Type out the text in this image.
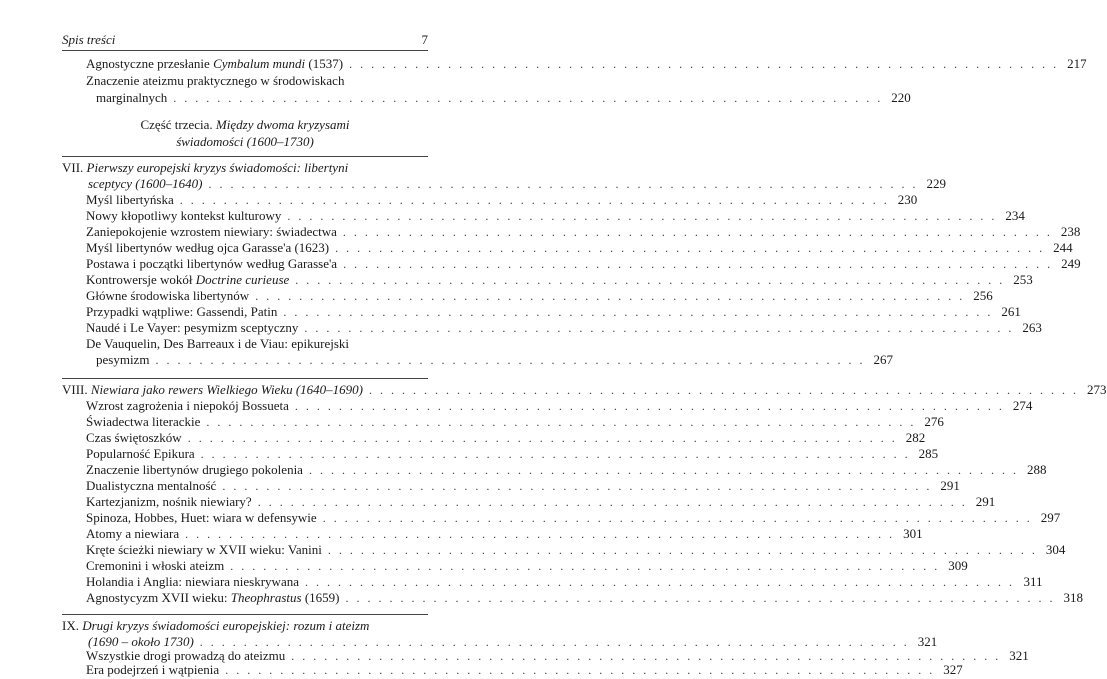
Spis treści	7
Agnostyczne przesłanie Cymbalum mundi (1537) . . . . . . . . . . . . . . . . . . . . . . . . . . . . . . . . . . . . . . . . . . . . . . . . . . . . . . . . . . . . . . . . . 217
Znaczenie ateizmu praktycznego w środowiskach
marginalnych . . . . . . . . . . . . . . . . . . . . . . . . . . . . . . . . . . . . . . . . . . . . . . . . . . . . . . . . . . . . . . . . . 220
Część trzecia. Między dwoma kryzysami
świadomości (1600–1730)
VII. Pierwszy europejski kryzys świadomości: libertyni
sceptycy (1600–1640) . . . . . . . . . . . . . . . . . . . . . . . . . . . . . . . . . . . . . . . . . . . . . . . . . . . . . . . . . . . . . . . . . 229
Myśl libertyńska . . . . . . . . . . . . . . . . . . . . . . . . . . . . . . . . . . . . . . . . . . . . . . . . . . . . . . . . . . . . . . . . . 230
Nowy kłopotliwy kontekst kulturowy . . . . . . . . . . . . . . . . . . . . . . . . . . . . . . . . . . . . . . . . . . . . . . . . . . . . . . . . . . . . . . . . . 234
Zaniepokojenie wzrostem niewiary: świadectwa . . . . . . . . . . . . . . . . . . . . . . . . . . . . . . . . . . . . . . . . . . . . . . . . . . . . . . . . . . . . . . . . . 238
Myśl libertynów według ojca Garasse'a (1623) . . . . . . . . . . . . . . . . . . . . . . . . . . . . . . . . . . . . . . . . . . . . . . . . . . . . . . . . . . . . . . . . . 244
Postawa i początki libertynów według Garasse'a . . . . . . . . . . . . . . . . . . . . . . . . . . . . . . . . . . . . . . . . . . . . . . . . . . . . . . . . . . . . . . . . . 249
Kontrowersje wokół Doctrine curieuse . . . . . . . . . . . . . . . . . . . . . . . . . . . . . . . . . . . . . . . . . . . . . . . . . . . . . . . . . . . . . . . . . 253
Główne środowiska libertynów . . . . . . . . . . . . . . . . . . . . . . . . . . . . . . . . . . . . . . . . . . . . . . . . . . . . . . . . . . . . . . . . . 256
Przypadki wątpliwe: Gassendi, Patin . . . . . . . . . . . . . . . . . . . . . . . . . . . . . . . . . . . . . . . . . . . . . . . . . . . . . . . . . . . . . . . . . 261
Naudé i Le Vayer: pesymizm sceptyczny . . . . . . . . . . . . . . . . . . . . . . . . . . . . . . . . . . . . . . . . . . . . . . . . . . . . . . . . . . . . . . . . . 263
De Vauquelin, Des Barreaux i de Viau: epikurejski
pesymizm . . . . . . . . . . . . . . . . . . . . . . . . . . . . . . . . . . . . . . . . . . . . . . . . . . . . . . . . . . . . . . . . . 267
VIII. Niewiara jako rewers Wielkiego Wieku (1640–1690) . . . . . . . . . . . . . . . . . . . . . . . . . . . . . . . . . . . . . . . . . . . . . . . . . . . . . . . . . . . . . . . . . 273
Wzrost zagrożenia i niepokój Bossueta . . . . . . . . . . . . . . . . . . . . . . . . . . . . . . . . . . . . . . . . . . . . . . . . . . . . . . . . . . . . . . . . . 274
Świadectwa literackie . . . . . . . . . . . . . . . . . . . . . . . . . . . . . . . . . . . . . . . . . . . . . . . . . . . . . . . . . . . . . . . . . 276
Czas świętoszków . . . . . . . . . . . . . . . . . . . . . . . . . . . . . . . . . . . . . . . . . . . . . . . . . . . . . . . . . . . . . . . . . 282
Popularność Epikura . . . . . . . . . . . . . . . . . . . . . . . . . . . . . . . . . . . . . . . . . . . . . . . . . . . . . . . . . . . . . . . . . 285
Znaczenie libertynów drugiego pokolenia . . . . . . . . . . . . . . . . . . . . . . . . . . . . . . . . . . . . . . . . . . . . . . . . . . . . . . . . . . . . . . . . . 288
Dualistyczna mentalność . . . . . . . . . . . . . . . . . . . . . . . . . . . . . . . . . . . . . . . . . . . . . . . . . . . . . . . . . . . . . . . . . 291
Kartezjanizm, nośnik niewiary? . . . . . . . . . . . . . . . . . . . . . . . . . . . . . . . . . . . . . . . . . . . . . . . . . . . . . . . . . . . . . . . . . 291
Spinoza, Hobbes, Huet: wiara w defensywie . . . . . . . . . . . . . . . . . . . . . . . . . . . . . . . . . . . . . . . . . . . . . . . . . . . . . . . . . . . . . . . . . 297
Atomy a niewiara . . . . . . . . . . . . . . . . . . . . . . . . . . . . . . . . . . . . . . . . . . . . . . . . . . . . . . . . . . . . . . . . . 301
Kręte ścieżki niewiary w XVII wieku: Vanini . . . . . . . . . . . . . . . . . . . . . . . . . . . . . . . . . . . . . . . . . . . . . . . . . . . . . . . . . . . . . . . . . 304
Cremonini i włoski ateizm . . . . . . . . . . . . . . . . . . . . . . . . . . . . . . . . . . . . . . . . . . . . . . . . . . . . . . . . . . . . . . . . . 309
Holandia i Anglia: niewiara nieskrywana . . . . . . . . . . . . . . . . . . . . . . . . . . . . . . . . . . . . . . . . . . . . . . . . . . . . . . . . . . . . . . . . . 311
Agnostycyzm XVII wieku: Theophrastus (1659) . . . . . . . . . . . . . . . . . . . . . . . . . . . . . . . . . . . . . . . . . . . . . . . . . . . . . . . . . . . . . . . . . 318
IX. Drugi kryzys świadomości europejskiej: rozum i ateizm
(1690 – około 1730) . . . . . . . . . . . . . . . . . . . . . . . . . . . . . . . . . . . . . . . . . . . . . . . . . . . . . . . . . . . . . . . . . 321
Wszystkie drogi prowadzą do ateizmu . . . . . . . . . . . . . . . . . . . . . . . . . . . . . . . . . . . . . . . . . . . . . . . . . . . . . . . . . . . . . . . . . 321
Era podejrzeń i wątpienia . . . . . . . . . . . . . . . . . . . . . . . . . . . . . . . . . . . . . . . . . . . . . . . . . . . . . . . . . . . . . . . . . 327
